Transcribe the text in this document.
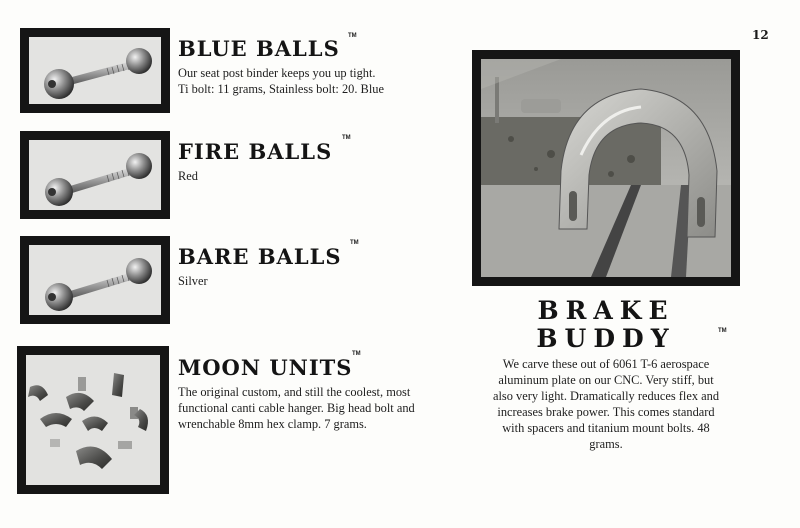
12
BLUE BALLS TM
Our seat post binder keeps you up tight.
Ti bolt: 11 grams, Stainless bolt: 20. Blue
FIRE BALLS
TM
Red
BARE BALLS
TM
Silver
MOON UNITS
TM
The original custom, and still the coolest, most
functional canti cable hanger. Big head bolt and
wrenchable 8mm hex clamp. 7 grams.
BRAKE
BUDDY	TM
We carve these out of 6061 T-6 aerospace
aluminum plate on our CNC. Very stiff, but
also very light. Dramatically reduces flex and
increases brake power. This comes standard
with spacers and titanium mount bolts. 48
grams.
